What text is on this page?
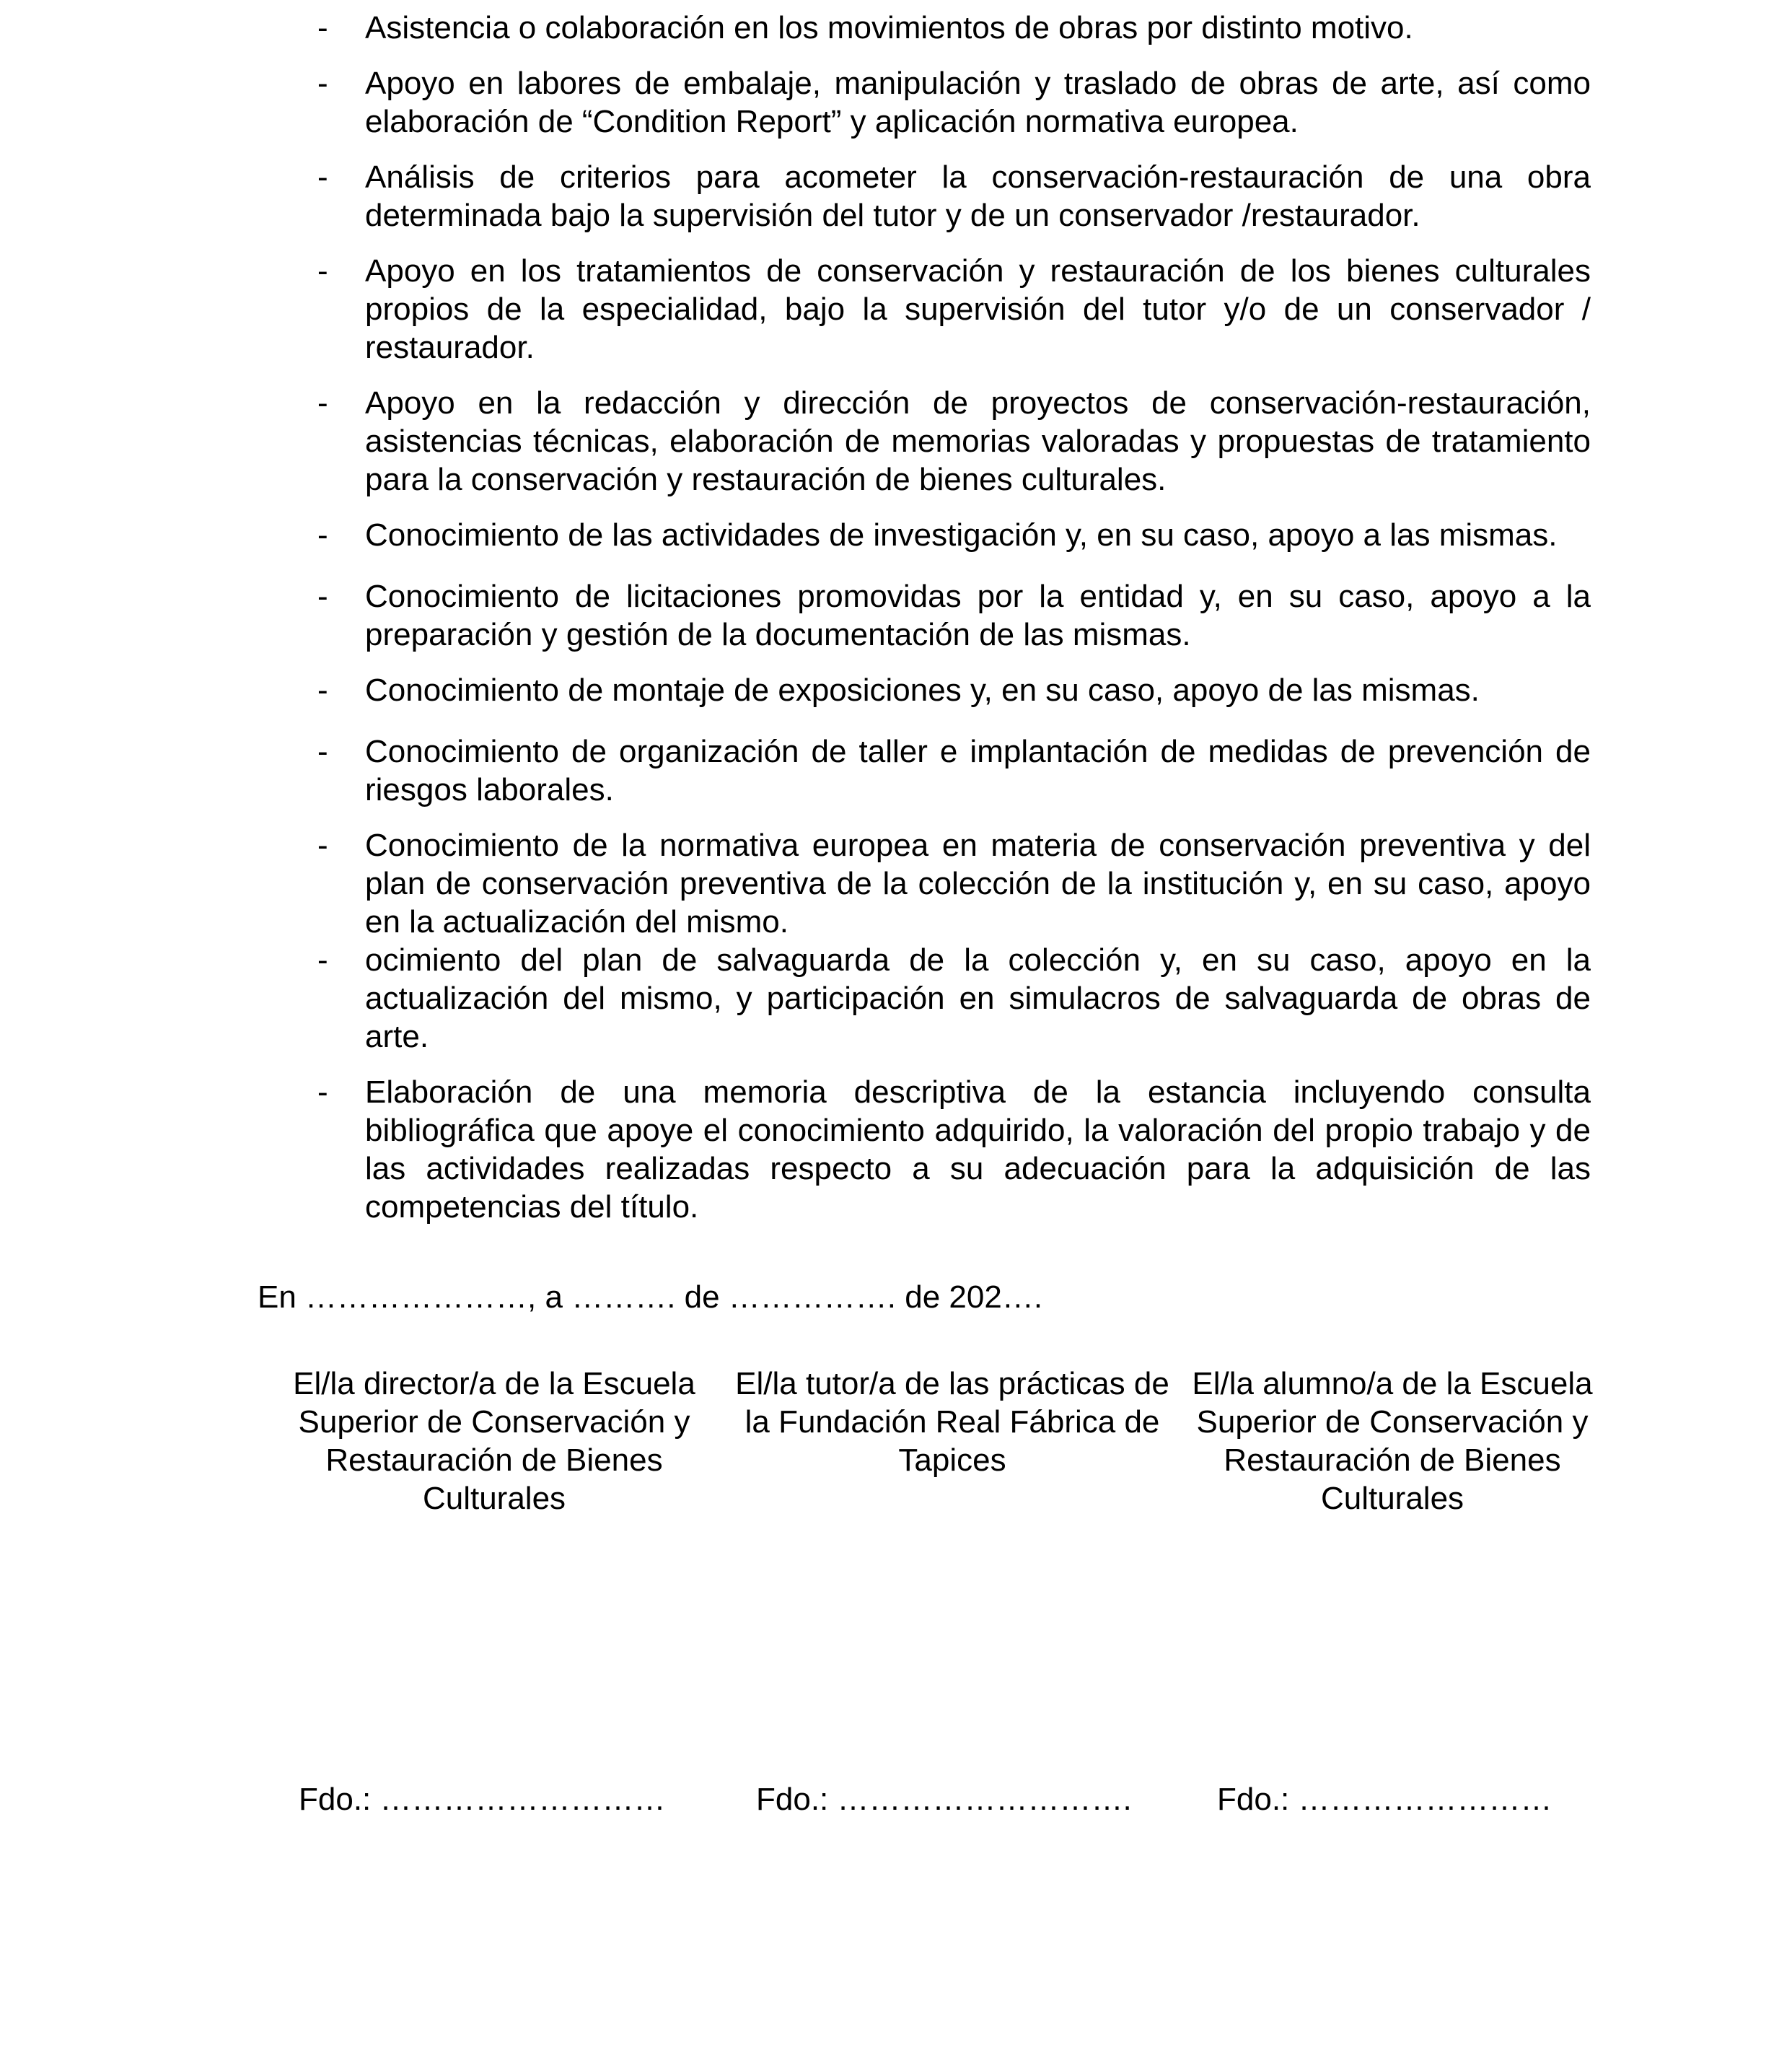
- Asistencia o colaboración en los movimientos de obras por distinto motivo.
- Apoyo en labores de embalaje, manipulación y traslado de obras de arte, así como elaboración de “Condition Report” y aplicación normativa europea.
- Análisis de criterios para acometer la conservación-restauración de una obra determinada bajo la supervisión del tutor y de un conservador /restaurador.
- Apoyo en los tratamientos de conservación y restauración de los bienes culturales propios de la especialidad, bajo la supervisión del tutor y/o de un conservador / restaurador.
- Apoyo en la redacción y dirección de proyectos de conservación-restauración, asistencias técnicas, elaboración de memorias valoradas y propuestas de tratamiento para la conservación y restauración de bienes culturales.
- Conocimiento de las actividades de investigación y, en su caso, apoyo a las mismas.
- Conocimiento de licitaciones promovidas por la entidad y, en su caso, apoyo a la preparación y gestión de la documentación de las mismas.
- Conocimiento de montaje de exposiciones y, en su caso, apoyo de las mismas.
- Conocimiento de organización de taller e implantación de medidas de prevención de riesgos laborales.
- Conocimiento de la normativa europea en materia de conservación preventiva y del plan de conservación preventiva de la colección de la institución y, en su caso, apoyo en la actualización del mismo.
- ocimiento del plan de salvaguarda de la colección y, en su caso, apoyo en la actualización del mismo, y participación en simulacros de salvaguarda de obras de arte.
- Elaboración de una memoria descriptiva de la estancia incluyendo consulta bibliográfica que apoye el conocimiento adquirido, la valoración del propio trabajo y de las actividades realizadas respecto a su adecuación para la adquisición de las competencias del título.
En …………………, a ………. de ……………. de 202….
El/la director/a de la Escuela Superior de Conservación y Restauración de Bienes Culturales
El/la tutor/a de las prácticas de la Fundación Real Fábrica de Tapices
El/la alumno/a de la Escuela Superior de Conservación y Restauración de Bienes Culturales
Fdo.: ………………………	Fdo.: ……………………….	Fdo.: ……………………
